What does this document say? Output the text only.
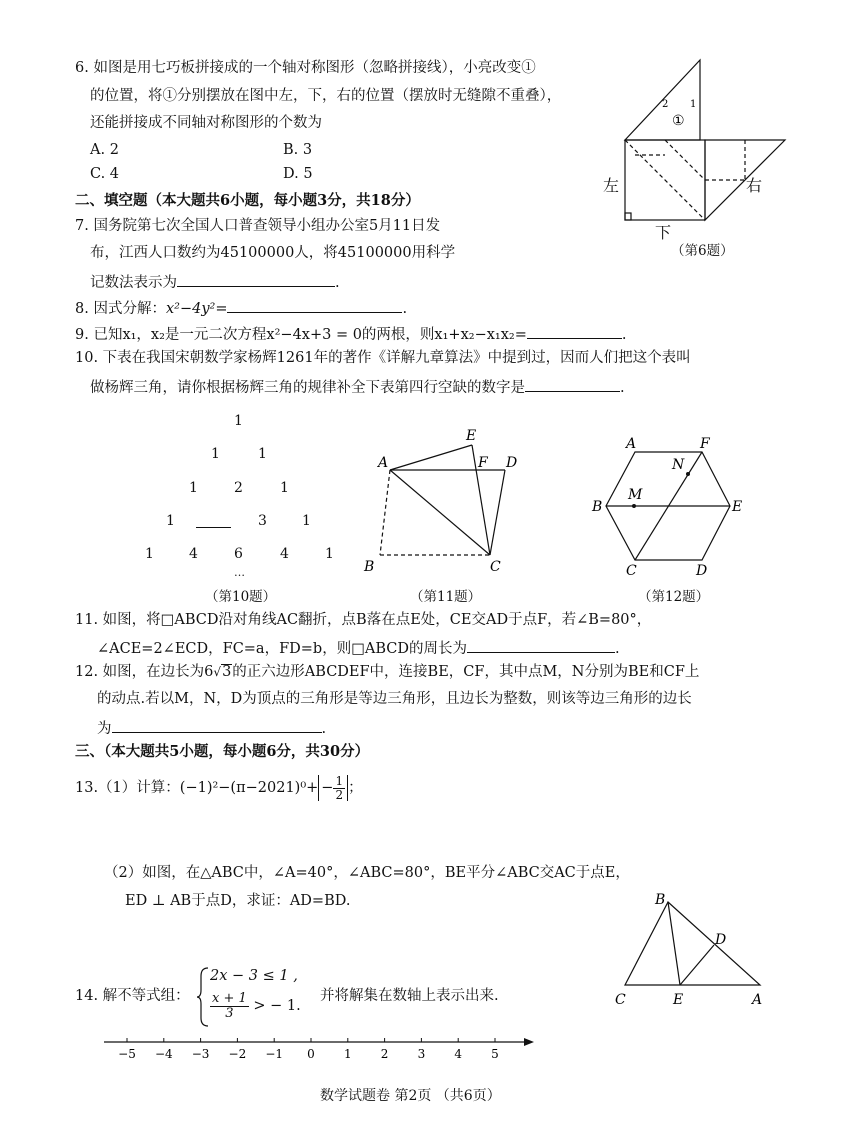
6. 如图是用七巧板拼接成的一个轴对称图形（忽略拼接线），小亮改变①
的位置，将①分别摆放在图中左，下，右的位置（摆放时无缝隙不重叠），
还能拼接成不同轴对称图形的个数为
A. 2	B. 3
C. 4	D. 5
2 1
①
左
下
右
（第6题）
二、填空题（本大题共6小题，每小题3分，共18分）
7. 国务院第七次全国人口普查领导小组办公室5月11日发
布，江西人口数约为45100000人，将45100000用科学
记数法表示为	.
8. 因式分解：x²−4y²=	.
9. 已知x₁，x₂是一元二次方程x²−4x+3 = 0的两根，则x₁+x₂−x₁x₂=	.
10. 下表在我国宋朝数学家杨辉1261年的著作《详解九章算法》中提到过，因而人们把这个表叫
做杨辉三角，请你根据杨辉三角的规律补全下表第四行空缺的数字是	.
1
1	1
1	2	1
1	3	1
1	4	6	4	1
…
（第10题）
A
E
F D
B	C
（第11题）
A	F
B	E
C	D
M
N
（第12题）
11. 如图，将□ABCD沿对角线AC翻折，点B落在点E处，CE交AD于点F，若∠B=80°，
∠ACE=2∠ECD，FC=a，FD=b，则□ABCD的周长为	.
12. 如图，在边长为6√3的正六边形ABCDEF中，连接BE，CF，其中点M，N分别为BE和CF上
的动点.若以M，N，D为顶点的三角形是等边三角形，且边长为整数，则该等边三角形的边长
为	.
三、（本大题共5小题，每小题6分，共30分）
13.（1）计算：$(-1)^2-(\pi-2021)^0+ - \frac{1}{2}$ ；
（2）如图，在△ABC中，∠A=40°，∠ABC=80°，BE平分∠ABC交AC于点E，
ED ⊥ AB于点D，求证：AD=BD.	B
D
C	E	A
14. 解不等式组：
2x − 3 ≤ 1 ,
$\frac{x + 1}{3}$ > − 1.
并将解集在数轴上表示出来.
−5 −4 −3 −2 −1 0 1 2 3 4 5
数学试题卷 第2页 （共6页）
